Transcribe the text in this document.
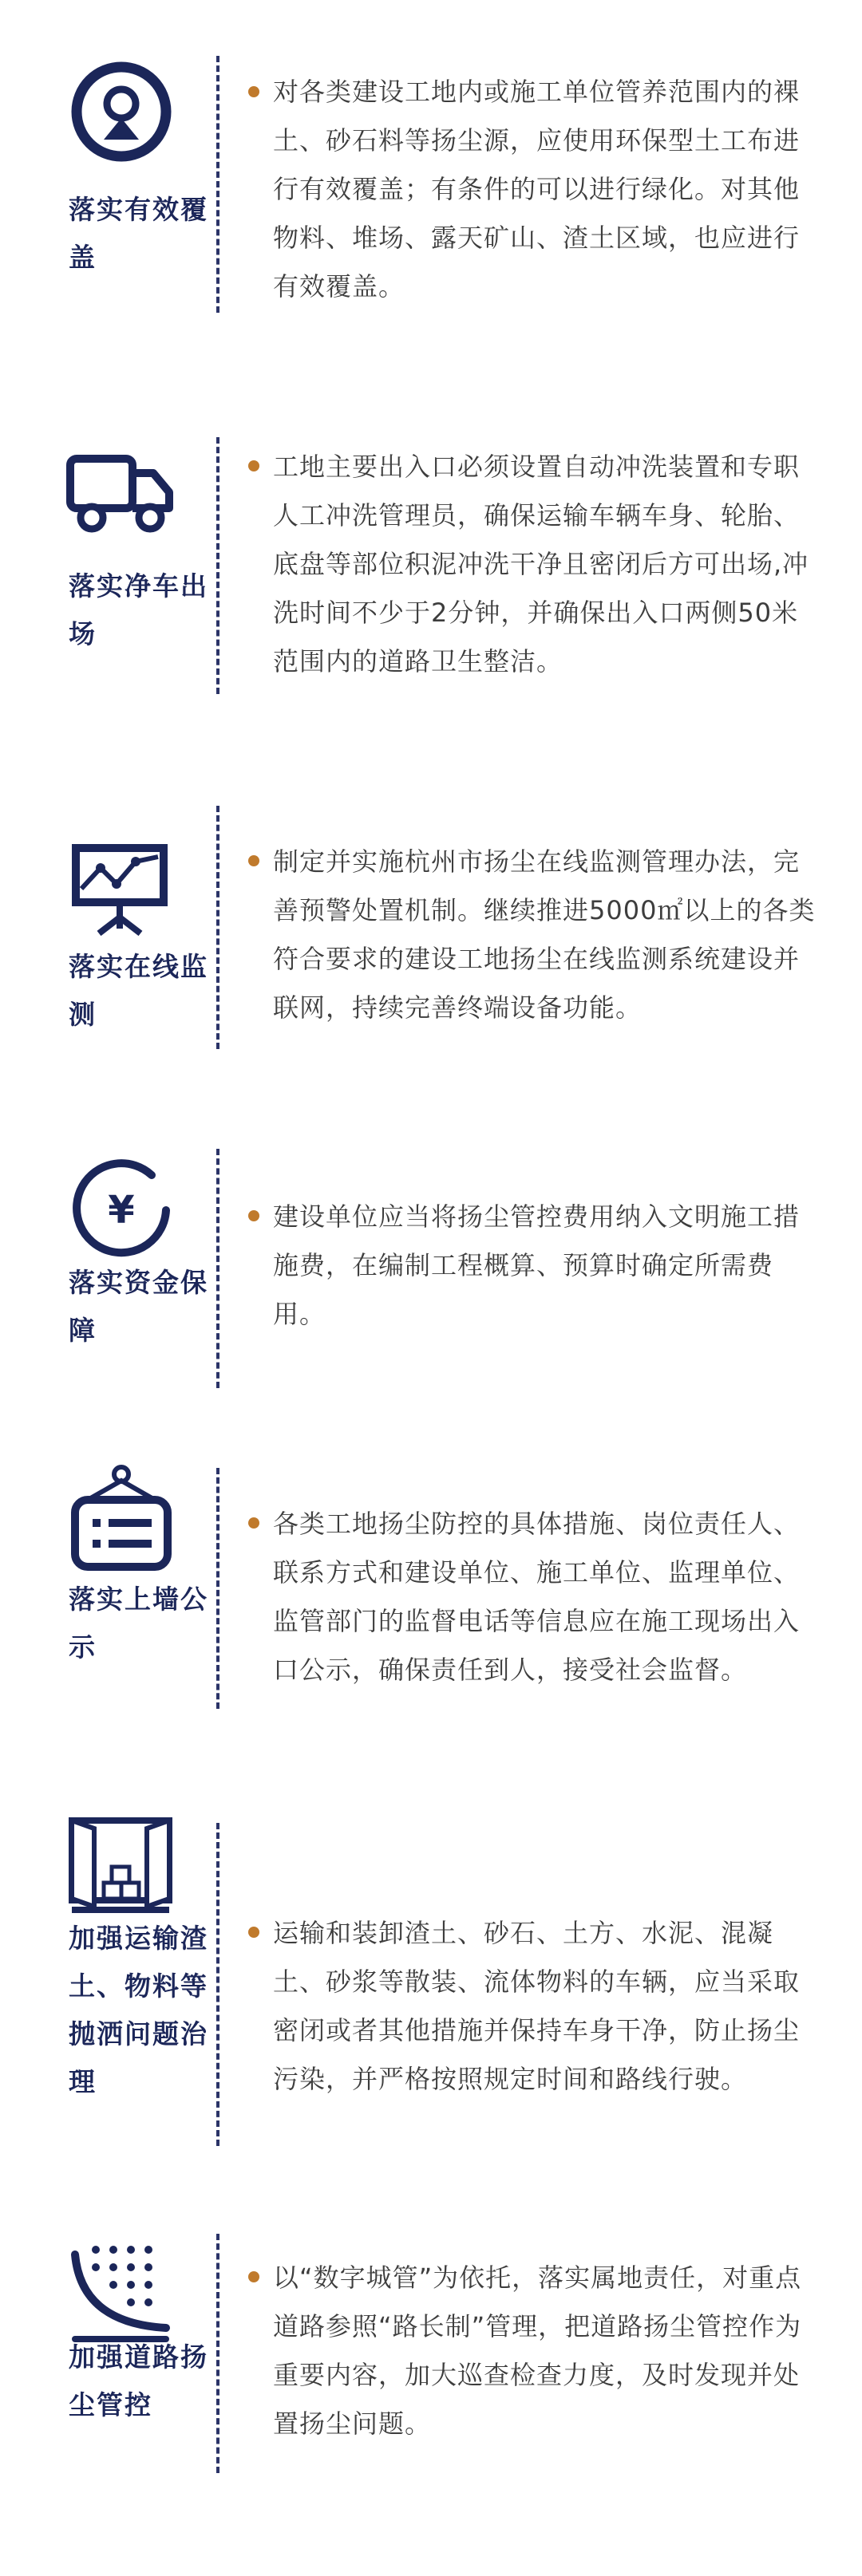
落实有效覆盖
对各类建设工地内或施工单位管养范围内的裸土、砂石料等扬尘源，应使用环保型土工布进行有效覆盖；有条件的可以进行绿化。对其他物料、堆场、露天矿山、渣土区域，也应进行有效覆盖。
落实净车出场
工地主要出入口必须设置自动冲洗装置和专职人工冲洗管理员，确保运输车辆车身、轮胎、底盘等部位积泥冲洗干净且密闭后方可出场,冲洗时间不少于2分钟，并确保出入口两侧50米范围内的道路卫生整洁。
落实在线监测
制定并实施杭州市扬尘在线监测管理办法，完善预警处置机制。继续推进5000㎡以上的各类符合要求的建设工地扬尘在线监测系统建设并联网，持续完善终端设备功能。
¥
落实资金保障
建设单位应当将扬尘管控费用纳入文明施工措施费，在编制工程概算、预算时确定所需费用。
落实上墙公示
各类工地扬尘防控的具体措施、岗位责任人、联系方式和建设单位、施工单位、监理单位、监管部门的监督电话等信息应在施工现场出入口公示，确保责任到人，接受社会监督。
加强运输渣土、物料等抛洒问题治理
运输和装卸渣土、砂石、土方、水泥、混凝土、砂浆等散装、流体物料的车辆，应当采取密闭或者其他措施并保持车身干净，防止扬尘污染，并严格按照规定时间和路线行驶。
加强道路扬尘管控
以“数字城管”为依托，落实属地责任，对重点道路参照“路长制”管理，把道路扬尘管控作为重要内容，加大巡查检查力度，及时发现并处置扬尘问题。
